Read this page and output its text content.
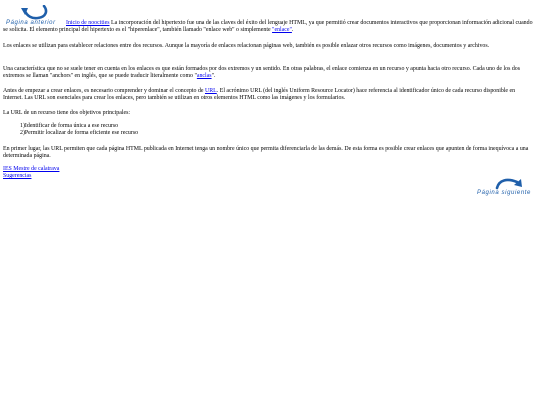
Página anterior	Inicio de noocities La incorporación del hipertexto fue una de las claves del éxito del lenguaje HTML, ya que permitió crear documentos interactivos que proporcionan información adicional cuando se solicita. El elemento principal del hipertexto es el "hiperenlace", también llamado "enlace web" o simplemente "enlace".

Los enlaces se utilizan para establecer relaciones entre dos recursos. Aunque la mayoría de enlaces relacionan páginas web, también es posible enlazar otros recursos como imágenes, documentos y archivos.

Una característica que no se suele tener en cuenta en los enlaces es que están formados por dos extremos y un sentido. En otras palabras, el enlace comienza en un recurso y apunta hacia otro recurso. Cada uno de los dos extremos se llaman "anchors" en inglés, que se puede traducir literalmente como "anclas".

Antes de empezar a crear enlaces, es necesario comprender y dominar el concepto de URL. El acrónimo URL (del inglés Uniform Resource Locator) hace referencia al identificador único de cada recurso disponible en Internet. Las URL son esenciales para crear los enlaces, pero también se utilizan en otros elementos HTML como las imágenes y los formularios.

La URL de un recurso tiene dos objetivos principales:

1)Identificar de forma única a ese recurso
2)Permitir localizar de forma eficiente ese recurso

En primer lugar, las URL permiten que cada página HTML publicada en Internet tenga un nombre único que permita diferenciarla de las demás. De esta forma es posible crear enlaces que apunten de forma inequívoca a una determinada página.

IES Mestre de calatrava
Sugerencias
Página siguiente
